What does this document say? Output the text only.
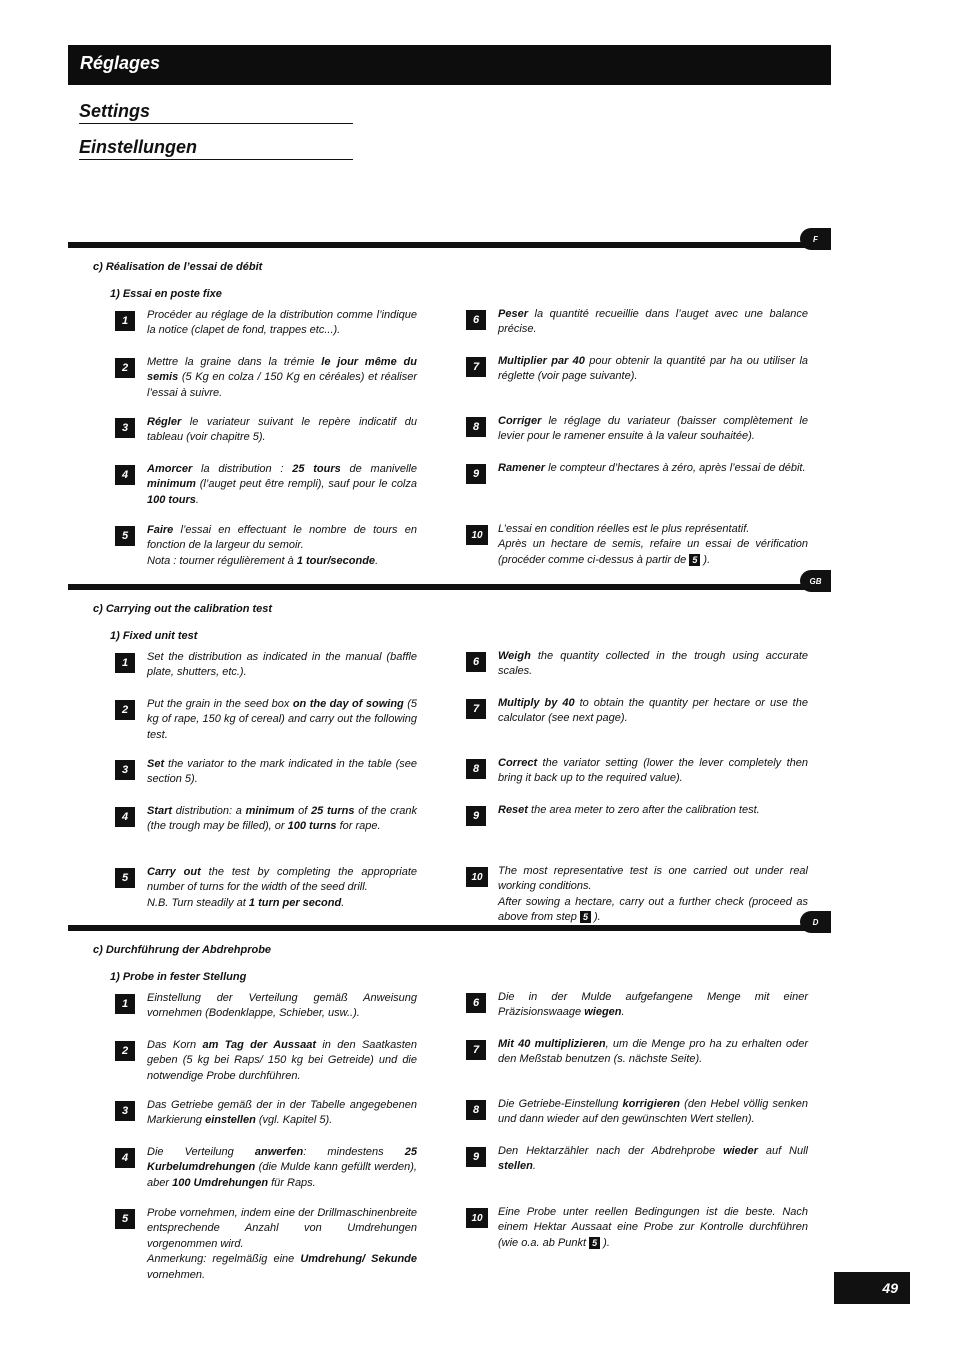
Réglages
Settings
Einstellungen
F
c) Réalisation de l’essai de débit
1) Essai en poste fixe
1	Procéder au réglage de la distribution comme l’indique la notice (clapet de fond, trappes etc...).
2	Mettre la graine dans la trémie le jour même du semis (5 Kg en colza / 150 Kg en céréales) et réaliser l’essai à suivre.
3	Régler le variateur suivant le repère indicatif du tableau (voir chapitre 5).
4	Amorcer la distribution : 25 tours de manivelle minimum (l’auget peut être rempli), sauf pour le colza 100 tours.
5	Faire l’essai en effectuant le nombre de tours en fonction de la largeur du semoir.
Nota : tourner régulièrement à 1 tour/seconde.
6	Peser la quantité recueillie dans l’auget avec une balance précise.
7	Multiplier par 40 pour obtenir la quantité par ha ou utiliser la réglette (voir page suivante).
8	Corriger le réglage du variateur (baisser complètement le levier pour le ramener ensuite à la valeur souhaitée).
9	Ramener le compteur d’hectares à zéro, après l’essai de débit.
10	L’essai en condition réelles est le plus représentatif.
Après un hectare de semis, refaire un essai de vérification (procéder comme ci-dessus à partir de 5 ).
GB
c) Carrying out the calibration test
1) Fixed unit test
1	Set the distribution as indicated in the manual (baffle plate, shutters, etc.).
2	Put the grain in the seed box on the day of sowing (5 kg of rape, 150 kg of cereal) and carry out the following test.
3	Set the variator to the mark indicated in the table (see section 5).
4	Start distribution: a minimum of 25 turns of the crank (the trough may be filled), or 100 turns for rape.
5	Carry out the test by completing the appropriate number of turns for the width of the seed drill.
N.B. Turn steadily at 1 turn per second.
6	Weigh the quantity collected in the trough using accurate scales.
7	Multiply by 40 to obtain the quantity per hectare or use the calculator (see next page).
8	Correct the variator setting (lower the lever completely then bring it back up to the required value).
9	Reset the area meter to zero after the calibration test.
10	The most representative test is one carried out under real working conditions.
After sowing a hectare, carry out a further check (proceed as above from step 5 ).	D
c) Durchführung der Abdrehprobe
1) Probe in fester Stellung
1	Einstellung der Verteilung gemäß Anweisung vornehmen (Bodenklappe, Schieber, usw..).
2	Das Korn am Tag der Aussaat in den Saatkasten geben (5 kg bei Raps/ 150 kg bei Getreide) und die notwendige Probe durchführen.
3	Das Getriebe gemäß der in der Tabelle angegebenen Markierung einstellen (vgl. Kapitel 5).
4	Die Verteilung anwerfen: mindestens 25 Kurbelumdrehungen (die Mulde kann gefüllt werden), aber 100 Umdrehungen für Raps.
5	Probe vornehmen, indem eine der Drillmaschinenbreite entsprechende Anzahl von Umdrehungen vorgenommen wird.
Anmerkung: regelmäßig eine Umdrehung/ Sekunde vornehmen.
6	Die in der Mulde aufgefangene Menge mit einer Präzisionswaage wiegen.
7	Mit 40 multiplizieren, um die Menge pro ha zu erhalten oder den Meßstab benutzen (s. nächste Seite).
8	Die Getriebe-Einstellung korrigieren (den Hebel völlig senken und dann wieder auf den gewünschten Wert stellen).
9	Den Hektarzähler nach der Abdrehprobe wieder auf Null stellen.
10	Eine Probe unter reellen Bedingungen ist die beste. Nach einem Hektar Aussaat eine Probe zur Kontrolle durchführen (wie o.a. ab Punkt 5 ).
49
